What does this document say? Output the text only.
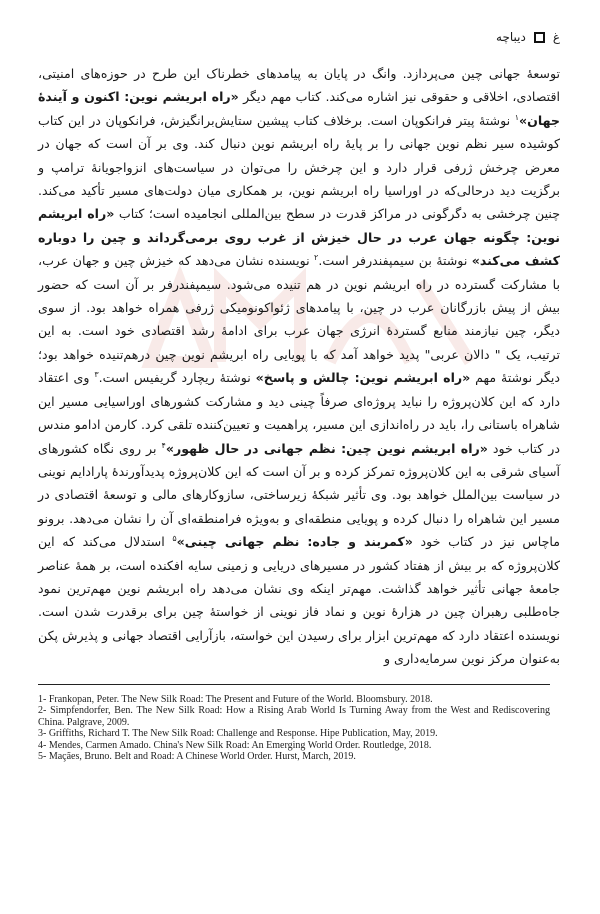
غ
دیباچه

توسعهٔ جهانی چین می‌پردازد. وانگ در پایان به پیامدهای خطرناک این طرح در حوزه‌های امنیتی، اقتصادی، اخلاقی و حقوقی نیز اشاره می‌کند. کتاب مهم دیگر «راه ابریشم نوین: اکنون و آیندهٔ جهان»$^۱$ نوشتهٔ پیتر فرانکوپان است. برخلاف کتاب پیشین ستایش‌برانگیزش، فرانکوپان در این کتاب کوشیده سیر نظم نوین جهانی را بر پایهٔ راه ابریشم نوین دنبال کند. وی بر آن است که جهان در معرض چرخش ژرفی قرار دارد و این چرخش را می‌توان در سیاست‌های انزواجویانهٔ ترامپ و برگزیت دید درحالی‌که در اوراسیا راه ابریشم نوین، بر همکاری میان دولت‌های مسیر تأکید می‌کند. چنین چرخشی به دگرگونی در مراکز قدرت در سطح بین‌المللی انجامیده است؛ کتاب «راه ابریشم نوین: چگونه جهان عرب در حال خیزش از غرب روی برمی‌گرداند و چین را دوباره کشف می‌کند» نوشتهٔ بن سیمپفندرفر است.$^۲$ نویسنده نشان می‌دهد که خیزش چین و جهان عرب، با مشارکت گسترده در راه ابریشم نوین در هم تنیده می‌شود. سیمپفندرفر بر آن است که حضور بیش از پیش بازرگانان عرب در چین، با پیامدهای ژئواکونومیکی ژرفی همراه خواهد بود. از سوی دیگر، چین نیازمند منابع گستردهٔ انرژی جهان عرب برای ادامهٔ رشد اقتصادی خود است. به این ترتیب، یک " دالان عربی" پدید خواهد آمد که با پویایی راه ابریشم نوین چین درهم‌تنیده خواهد بود؛ دیگر نوشتهٔ مهم «راه ابریشم نوین: چالش و پاسخ» نوشتهٔ ریچارد گریفیس است.$^۳$ وی اعتقاد دارد که این کلان‌پروژه را نباید پروژه‌ای صرفاً چینی دید و مشارکت کشورهای اوراسیایی مسیر این شاهراه باستانی را، باید در راه‌اندازی این مسیر، پراهمیت و تعیین‌کننده تلقی کرد. کارمن ادامو مندس در کتاب خود «راه ابریشم نوین چین: نظم جهانی در حال ظهور»$^۴$ بر روی نگاه کشورهای آسیای شرقی به این کلان‌پروژه تمرکز کرده و بر آن است که این کلان‌پروژه پدیدآورندهٔ پارادایم نوینی در سیاست بین‌الملل خواهد بود. وی تأثیر شبکهٔ زیرساختی، سازوکارهای مالی و توسعهٔ اقتصادی در مسیر این شاهراه را دنبال کرده و پویایی منطقه‌ای و به‌ویژه فرامنطقه‌ای آن را نشان می‌دهد. برونو ماچاس نیز در کتاب خود «کمربند و جاده: نظم جهانی چینی»$^۵$ استدلال می‌کند که این کلان‌پروژه که بر بیش از هفتاد کشور در مسیرهای دریایی و زمینی سایه افکنده است، بر همهٔ عناصر جامعهٔ جهانی تأثیر خواهد گذاشت. مهم‌تر اینکه وی نشان می‌دهد راه ابریشم نوین مهم‌ترین نمود جاه‌طلبی رهبران چین در هزارهٔ نوین و نماد فاز نوینی از خواستهٔ چین برای برقدرت شدن است. نویسنده اعتقاد دارد که مهم‌ترین ابزار برای رسیدن این خواسته، بازآرایی اقتصاد جهانی و پذیرش پکن به‌عنوان مرکز نوین سرمایه‌داری و

1- Frankopan, Peter. The New Silk Road: The Present and Future of the World. Bloomsbury. 2018.

2- Simpfendorfer, Ben. The New Silk Road: How a Rising Arab World Is Turning Away from the West and Rediscovering China. Palgrave, 2009.

3- Griffiths, Richard T. The New Silk Road: Challenge and Response. Hipe Publication, May, 2019.

4- Mendes, Carmen Amado. China's New Silk Road: An Emerging World Order. Routledge, 2018.

5- Maçães, Bruno. Belt and Road: A Chinese World Order. Hurst, March, 2019.
